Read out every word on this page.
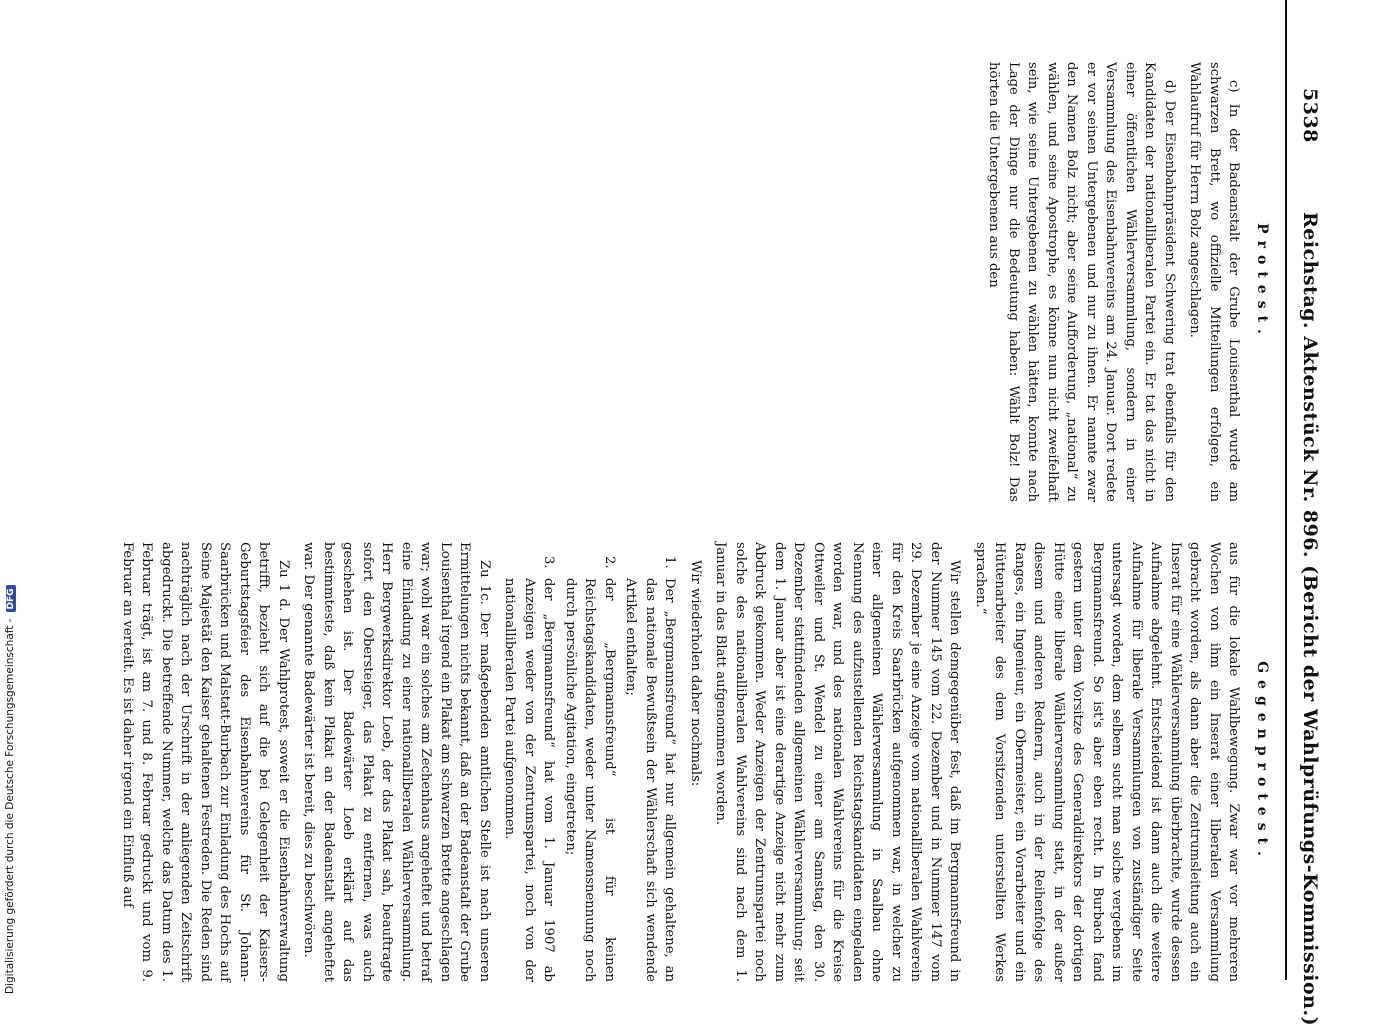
5338
Reichstag. Aktenstück Nr. 896. (Bericht der Wahlprüfungs-Kommission.)
Protest.

c) In der Badeanstalt der Grube Louisenthal wurde am schwarzen Brett, wo offizielle Mitteilungen erfolgen, ein Wahlaufruf für Herrn Bolz angeschlagen.

d) Der Eisenbahnpräsident Schwering trat ebenfalls für den Kandidaten der nationalliberalen Partei ein. Er tat das nicht in einer öffentlichen Wählerversammlung, sondern in einer Versammlung des Eisenbahnvereins am 24. Januar. Dort redete er vor seinen Untergebenen und nur zu ihnen. Er nannte zwar den Namen Bolz nicht; aber seine Aufforderung, „national“ zu wählen, und seine Apostrophe, es könne nun nicht zweifelhaft sein, wie seine Untergebenen zu wählen hätten, konnte nach Lage der Dinge nur die Bedeutung haben: Wählt Bolz! Das hörten die Untergebenen aus den

Gegenprotest.

aus für die lokale Wahlbewegung. Zwar war vor mehreren Wochen von ihm ein Inserat einer liberalen Versammlung gebracht worden, als dann aber die Zentrumsleitung auch ein Inserat für eine Wählerversammlung überbrachte, wurde dessen Aufnahme abgelehnt. Entscheidend ist dann auch die weitere Aufnahme für liberale Versammlungen von zuständiger Seite untersagt worden, dem selbem sucht man solche vergebens im Bergmannsfreund. So ist's aber eben recht. In Burbach fand gestern unter dem Vorsitze des Generaldirektors der dortigen Hütte eine liberale Wählerversammlung statt, in der außer diesem und anderen Rednern, auch in der Reihenfolge des Ranges, ein Ingenieur, ein Obermeister, ein Vorarbeiter und ein Hüttenarbeiter des dem Vorsitzenden unterstellten Werkes sprachen.“

Wir stellen demgegenüber fest, daß im Bergmannsfreund in der Nummer 145 vom 22. Dezember und in Nummer 147 vom 29. Dezember je eine Anzeige vom nationalliberalen Wahlverein für den Kreis Saarbrücken aufgenommen war, in welcher zu einer allgemeinen Wählerversammlung in Saalbau ohne Nennung des aufzustellenden Reichstagskandidaten eingeladen worden war, und des nationalen Wahlvereins für die Kreise Ottweiler und St. Wendel zu einer am Samstag, den 30. Dezember stattfindenden allgemeinen Wählerversammlung; seit dem 1. Januar aber ist eine derartige Anzeige nicht mehr zum Abdruck gekommen. Weder Anzeigen der Zentrumspartei noch solche des nationalliberalen Wahlvereins sind nach dem 1. Januar in das Blatt aufgenommen worden.

Wir wiederholen daher nochmals:

1.
Der „Bergmannsfreund“ hat nur allgemein gehaltene, an das nationale Bewußtsein der Wählerschaft sich wendende Artikel enthalten;
2.
der „Bergmannsfreund“ ist für keinen Reichstagskandidaten, weder unter Namensnennung noch durch persönliche Agitation, eingetreten;
3.
der „Bergmannsfreund“ hat vom 1. Januar 1907 ab Anzeigen weder von der Zentrumspartei, noch von der nationalliberalen Partei aufgenommen.

Zu 1c. Der maßgebenden amtlichen Stelle ist nach unseren Ermittelungen nichts bekannt, daß an der Badeanstalt der Grube Louisenthal irgend ein Plakat am schwarzen Brette angeschlagen war; wohl war ein solches am Zechenhaus angeheftet und betraf eine Einladung zu einer nationalliberalen Wählerversammlung. Herr Bergwerksdirektor Loeb, der das Plakat sah, beauftragte sofort den Obersteiger, das Plakat zu entfernen, was auch geschehen ist. Der Badewärter Loeb erklärt auf das bestimmteste, daß kein Plakat an der Badeanstalt angeheftet war. Der genannte Badewärter ist bereit, dies zu beschwören.

Zu 1 d. Der Wahlprotest, soweit er die Eisenbahnverwaltung betrifft, bezieht sich auf die bei Gelegenheit der Kaisers-Geburtstagsfeier des Eisenbahnvereins für St. Johann-Saarbrücken und Malstatt-Burbach zur Einladung des Hochs auf Seine Majestät den Kaiser gehaltenen Festreden. Die Reden sind nachträglich nach der Urschrift in der anliegenden Zeitschrift abgedruckt. Die betreffende Nummer, welche das Datum des 1. Februar trägt, ist am 7. und 8. Februar gedruckt und vom 9. Februar an verteilt. Es ist daher irgend ein Einfluß auf

Digitalisierung gefördert durch die Deutsche Forschungsgemeinschaft -DFG
